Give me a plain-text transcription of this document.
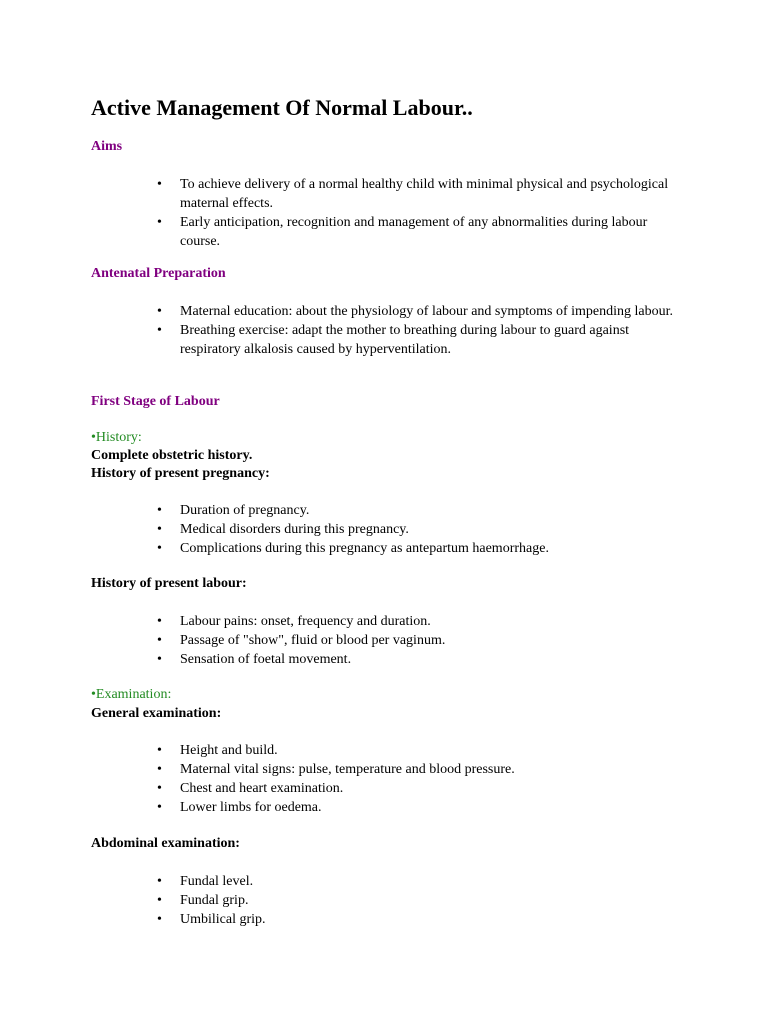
Active Management Of Normal Labour..
Aims
• To achieve delivery of a normal healthy child with minimal physical and psychological maternal effects.
• Early anticipation, recognition and management of any abnormalities during labour course.
Antenatal Preparation
• Maternal education: about the physiology of labour and symptoms of impending labour.
• Breathing exercise: adapt the mother to breathing during labour to guard against respiratory alkalosis caused by hyperventilation.
First Stage of Labour

•History:

Complete obstetric history.

History of present pregnancy:

• Duration of pregnancy.
• Medical disorders during this pregnancy.
• Complications during this pregnancy as antepartum haemorrhage.

History of present labour:

• Labour pains: onset, frequency and duration.
• Passage of "show", fluid or blood per vaginum.
• Sensation of foetal movement.

•Examination:

General examination:

• Height and build.
• Maternal vital signs: pulse, temperature and blood pressure.
• Chest and heart examination.
• Lower limbs for oedema.

Abdominal examination:

• Fundal level.
• Fundal grip.
• Umbilical grip.
